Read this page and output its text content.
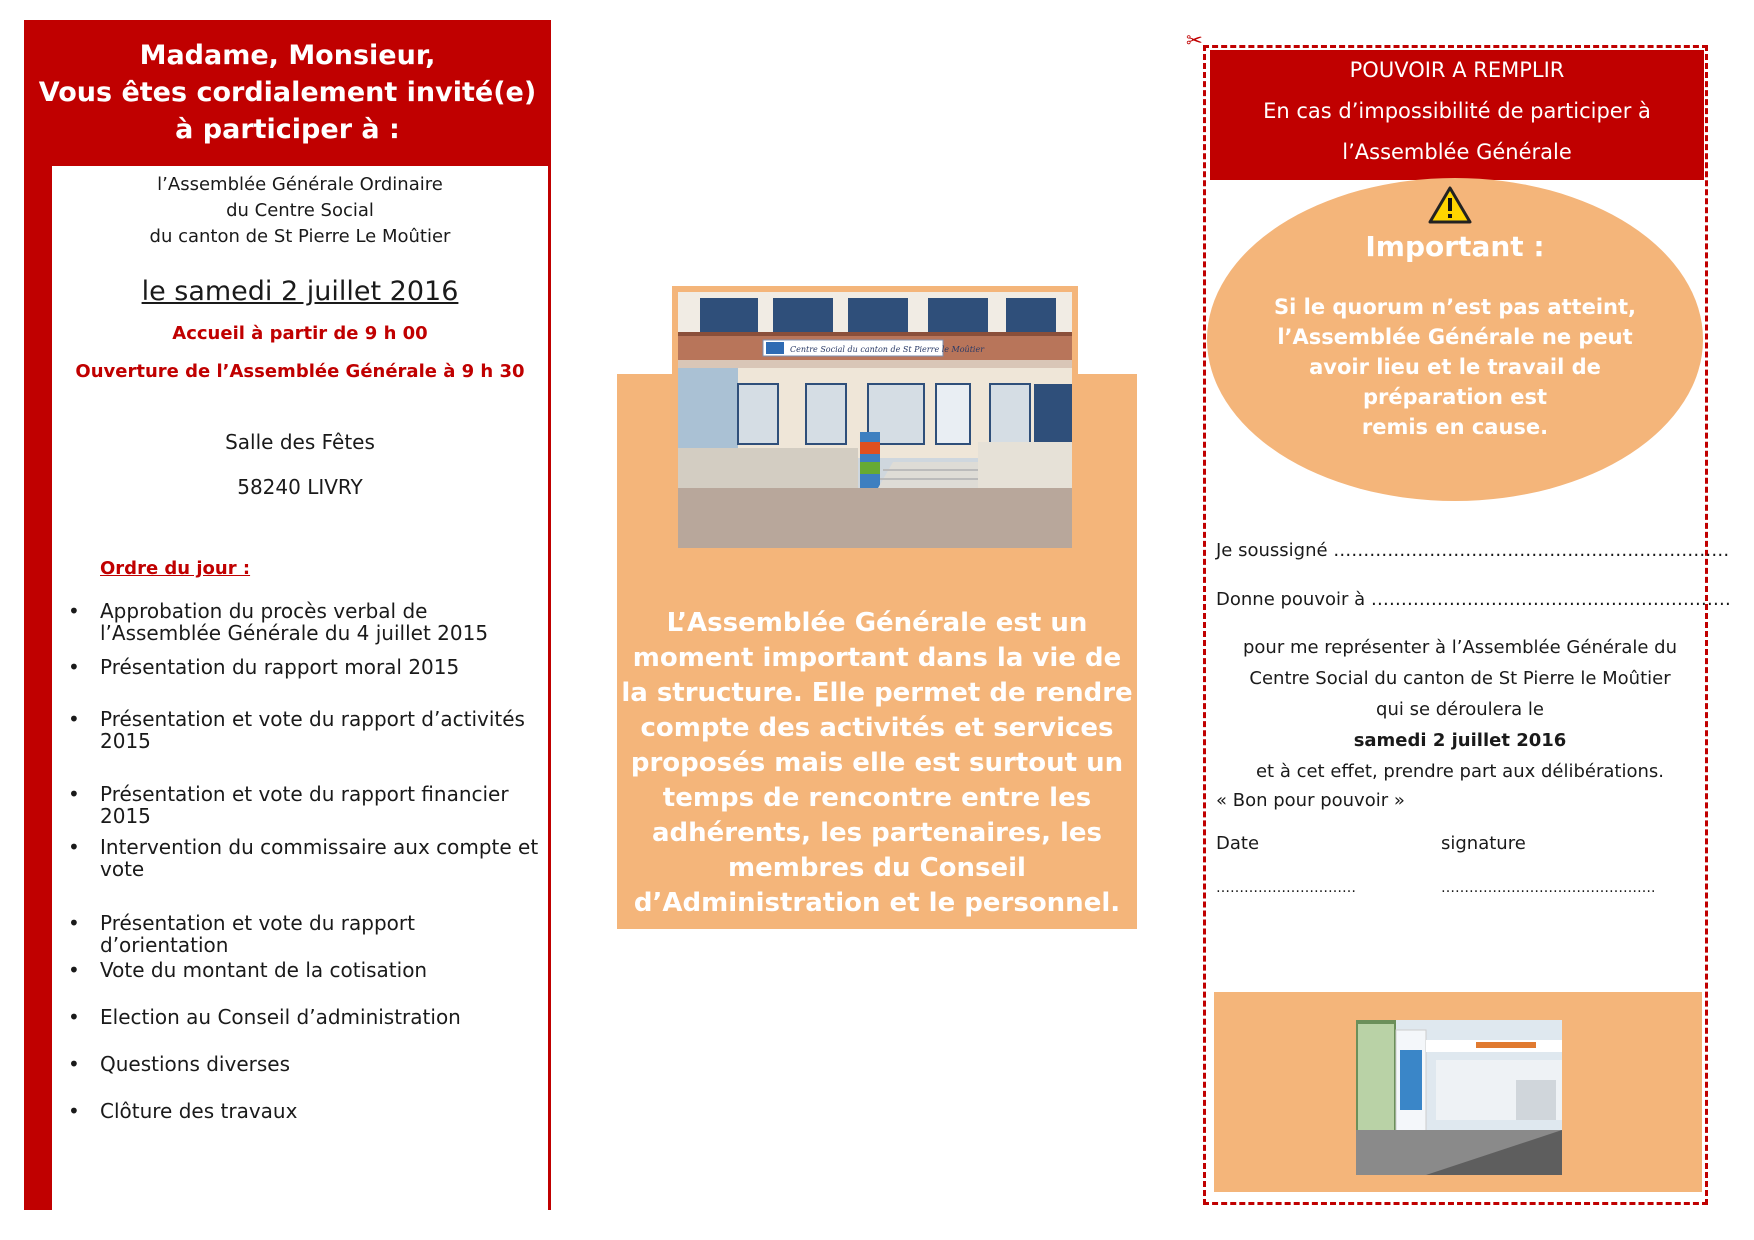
Madame, Monsieur,
Vous êtes cordialement invité(e)
à participer à :
l’Assemblée Générale Ordinaire
du Centre Social
du canton de St Pierre Le Moûtier
le samedi 2 juillet 2016
Accueil à partir de 9 h 00
Ouverture de l’Assemblée Générale à 9 h 30
Salle des Fêtes
58240 LIVRY
Ordre du jour :
• Approbation du procès verbal de l’Assemblée Générale du 4 juillet 2015
• Présentation du rapport moral 2015
• Présentation et vote du rapport d’activités 2015
• Présentation et vote du rapport financier 2015
• Intervention du commissaire aux compte et vote
• Présentation et vote du rapport d’orientation
• Vote du montant de la cotisation
• Election au Conseil d’administration
• Questions diverses
• Clôture des travaux
Centre Social du canton de St Pierre le Moûtier
L’Assemblée Générale est un moment important dans la vie de la structure. Elle permet de rendre compte des activités et services proposés mais elle est surtout un temps de rencontre entre les adhérents, les partenaires, les membres du Conseil d’Administration et le personnel.
✂
POUVOIR A REMPLIR
En cas d’impossibilité de participer à
l’Assemblée Générale
Important :
Si le quorum n’est pas atteint,
l’Assemblée Générale ne peut
avoir lieu et le travail de
préparation est
remis en cause.
Je soussigné …………………………………………………………
Donne pouvoir à ……………………………………………………
pour me représenter à l’Assemblée Générale du
Centre Social du canton de St Pierre le Moûtier
qui se déroulera le
samedi 2 juillet 2016
et à cet effet, prendre part aux délibérations.
« Bon pour pouvoir »
Date	signature
…………………………	……………………………………….
